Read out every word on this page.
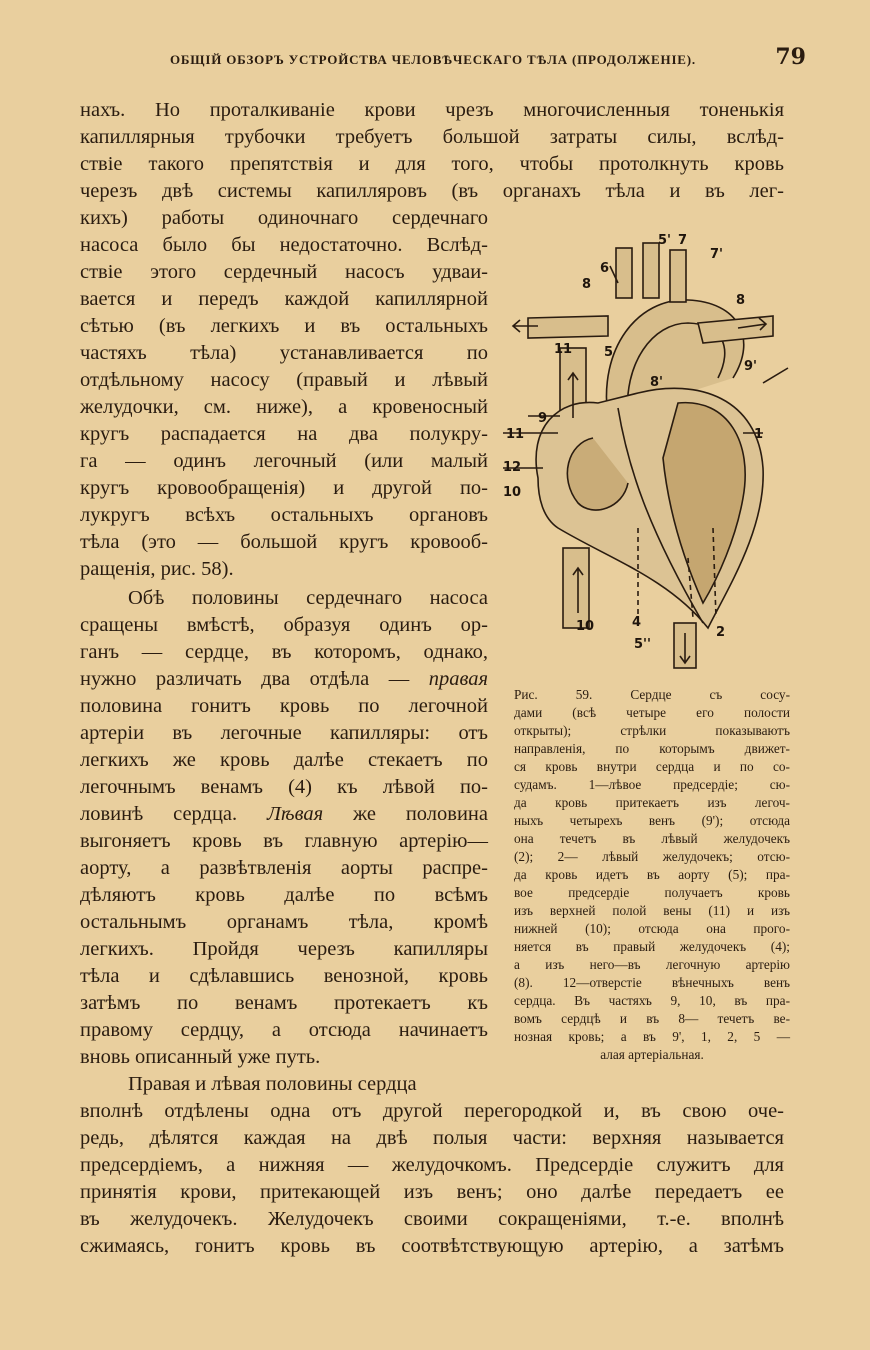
ОБЩІЙ ОБЗОРЪ УСТРОЙСТВА ЧЕЛОВѢЧЕСКАГО ТѢЛА (ПРОДОЛЖЕНІЕ).	79
нахъ. Но проталкиваніе крови чрезъ многочисленныя тоненькія
капиллярныя трубочки требуетъ большой затраты силы, вслѣд-
ствіе такого препятствія и для того, чтобы протолкнуть кровь
черезъ двѣ системы капилляровъ (въ органахъ тѣла и въ лег-
кихъ) работы одиночнаго сердечнаго
насоса было бы недостаточно. Вслѣд-
ствіе этого сердечный насосъ удваи-
вается и передъ каждой капиллярной
сѣтью (въ легкихъ и въ остальныхъ
частяхъ тѣла) устанавливается по
отдѣльному насосу (правый и лѣвый
желудочки, см. ниже), а кровеносный
кругъ распадается на два полукру-
га — одинъ легочный (или малый
кругъ кровообращенія) и другой по-
лукругъ всѣхъ остальныхъ органовъ
тѣла (это — большой кругъ кровооб-
ращенія, рис. 58).
Обѣ половины сердечнаго насоса
сращены вмѣстѣ, образуя одинъ ор-
ганъ — сердце, въ которомъ, однако,
нужно различать два отдѣла — правая
половина гонитъ кровь по легочной
артеріи въ легочные капилляры: отъ
легкихъ же кровь далѣе стекаетъ по
легочнымъ венамъ (4) къ лѣвой по-
ловинѣ сердца. Лѣвая же половина
выгоняетъ кровь въ главную артерію—
аорту, а развѣтвленія аорты распре-
дѣляютъ кровь далѣе по всѣмъ
остальнымъ органамъ тѣла, кромѣ
легкихъ. Пройдя черезъ капилляры
тѣла и сдѣлавшись венозной, кровь
затѣмъ по венамъ протекаетъ къ
правому сердцу, а отсюда начинаетъ
вновь описанный уже путь.
Правая и лѣвая половины сердца
вполнѣ отдѣлены одна отъ другой перегородкой и, въ свою оче-
редь, дѣлятся каждая на двѣ полыя части: верхняя называется
предсердіемъ, а нижняя — желудочкомъ. Предсердіе служитъ для
принятія крови, притекающей изъ венъ; оно далѣе передаетъ ее
въ желудочекъ. Желудочекъ своими сокращеніями, т.-е. вполнѣ
сжимаясь, гонитъ кровь въ соотвѣтствующую артерію, а затѣмъ
5' 7
7'
6
8
8
11 5
8'
9'
9
11	1
12
10
10	4
2
5''
Рис. 59. Сердце съ сосу-
дами (всѣ четыре его полости
открыты); стрѣлки показываютъ
направленія, по которымъ движет-
ся кровь внутри сердца и по со-
судамъ. 1—лѣвое предсердіе; сю-
да кровь притекаетъ изъ легоч-
ныхъ четырехъ венъ (9'); отсюда
она течетъ въ лѣвый желудочекъ
(2); 2— лѣвый желудочекъ; отсю-
да кровь идетъ въ аорту (5); пра-
вое предсердіе получаетъ кровь
изъ верхней полой вены (11) и изъ
нижней (10); отсюда она прого-
няется въ правый желудочекъ (4);
а изъ него—въ легочную артерію
(8). 12—отверстіе вѣнечныхъ венъ
сердца. Въ частяхъ 9, 10, въ пра-
вомъ сердцѣ и въ 8— течетъ ве-
нозная кровь; а въ 9', 1, 2, 5 —
алая артеріальная.
